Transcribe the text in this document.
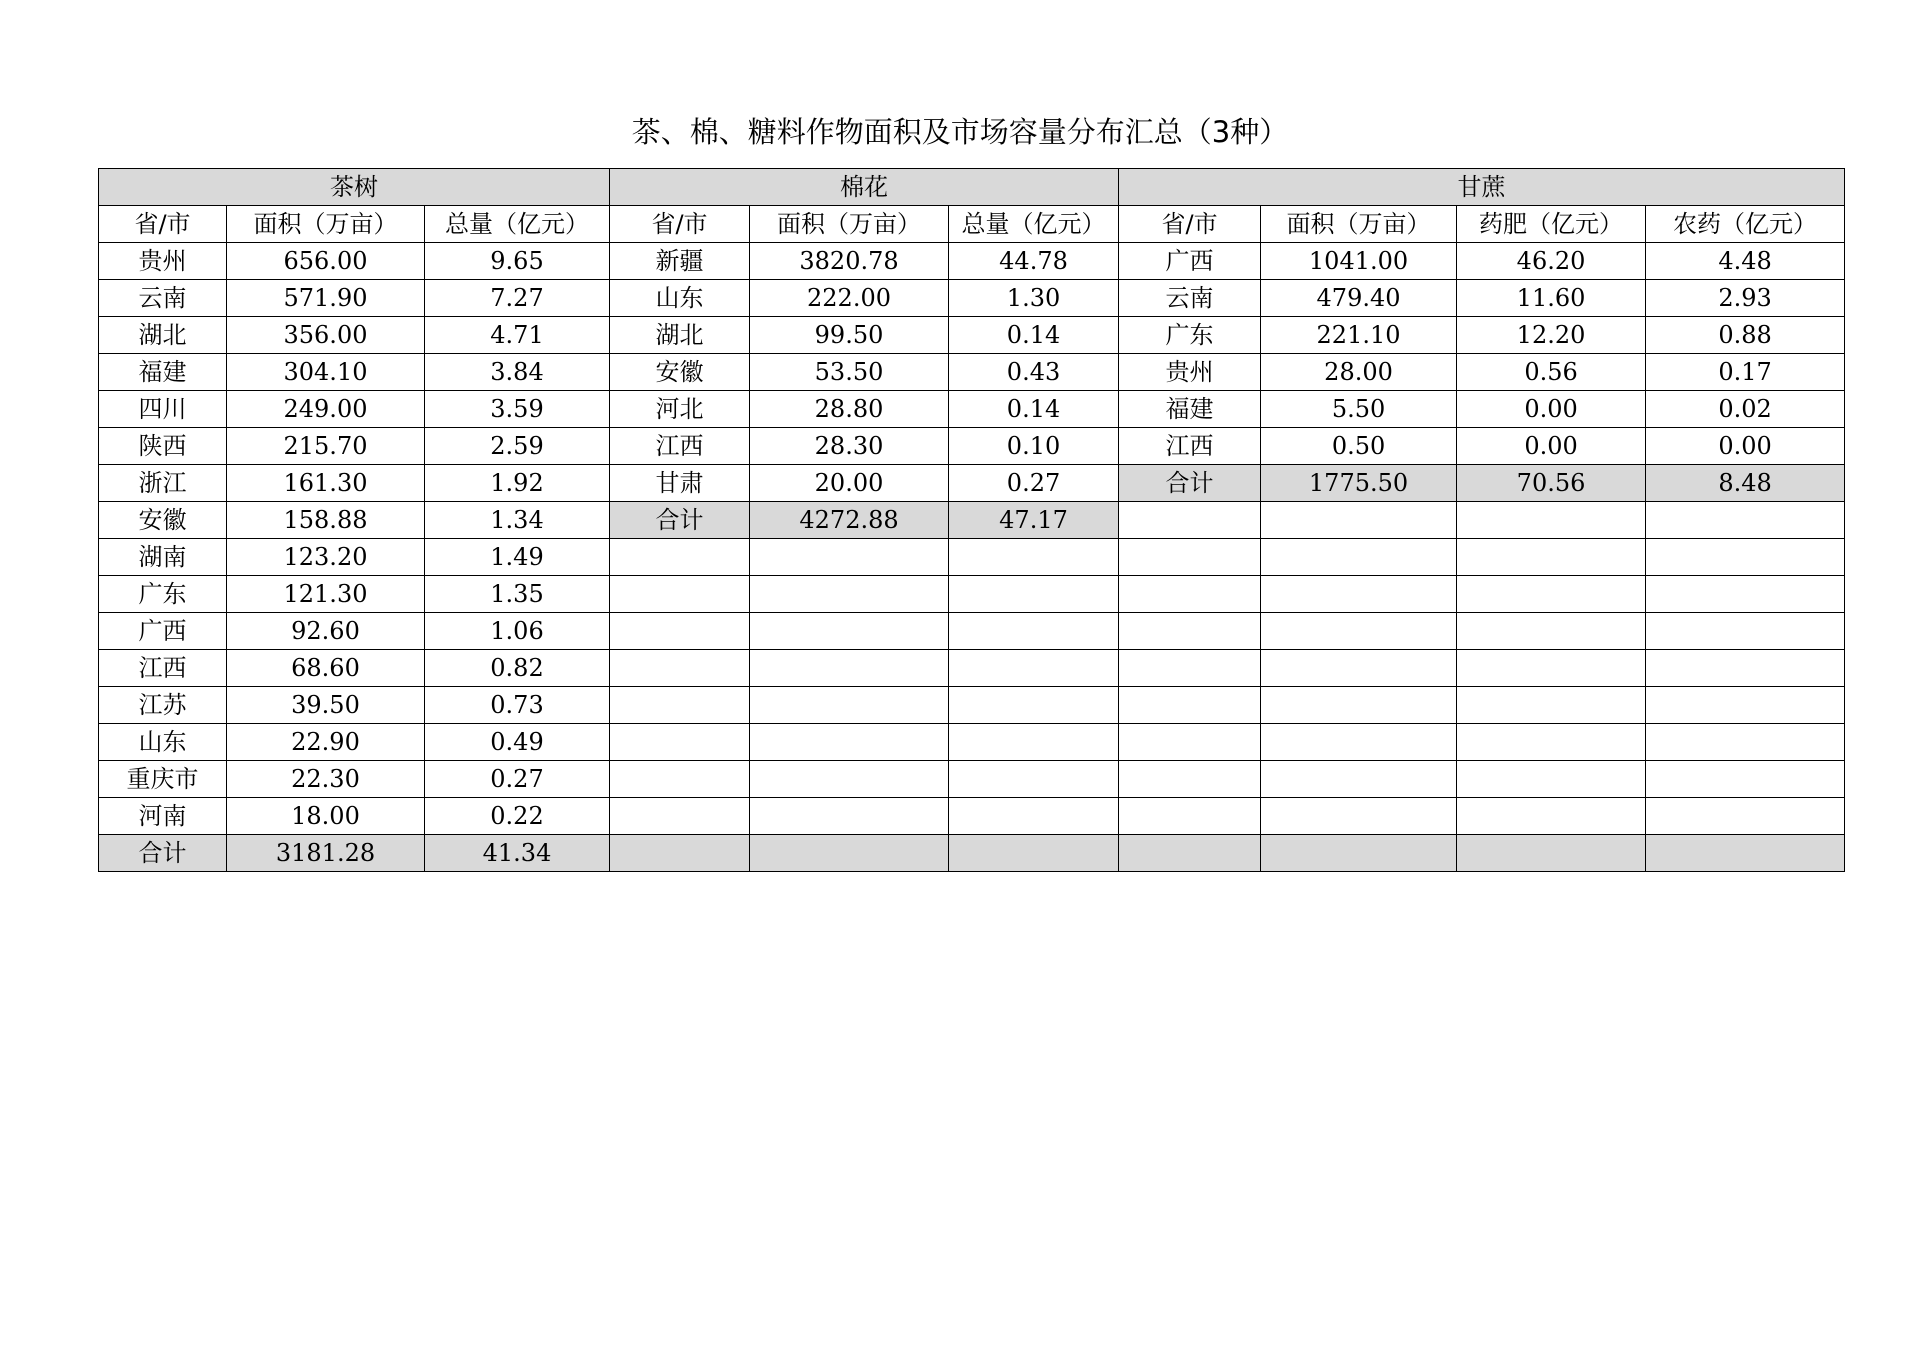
茶、棉、糖料作物面积及市场容量分布汇总（3种）
茶树			棉花			甘蔗			
省/市	面积（万亩）	总量（亿元）	省/市	面积（万亩）	总量（亿元）	省/市	面积（万亩）	药肥（亿元）	农药（亿元）
贵州	656.00	9.65	新疆	3820.78	44.78	广西	1041.00	46.20	4.48
云南	571.90	7.27	山东	222.00	1.30	云南	479.40	11.60	2.93
湖北	356.00	4.71	湖北	99.50	0.14	广东	221.10	12.20	0.88
福建	304.10	3.84	安徽	53.50	0.43	贵州	28.00	0.56	0.17
四川	249.00	3.59	河北	28.80	0.14	福建	5.50	0.00	0.02
陕西	215.70	2.59	江西	28.30	0.10	江西	0.50	0.00	0.00
浙江	161.30	1.92	甘肃	20.00	0.27	合计	1775.50	70.56	8.48
安徽	158.88	1.34	合计	4272.88	47.17				
湖南	123.20	1.49							
广东	121.30	1.35							
广西	92.60	1.06							
江西	68.60	0.82							
江苏	39.50	0.73							
山东	22.90	0.49							
重庆市	22.30	0.27							
河南	18.00	0.22							
合计	3181.28	41.34							
